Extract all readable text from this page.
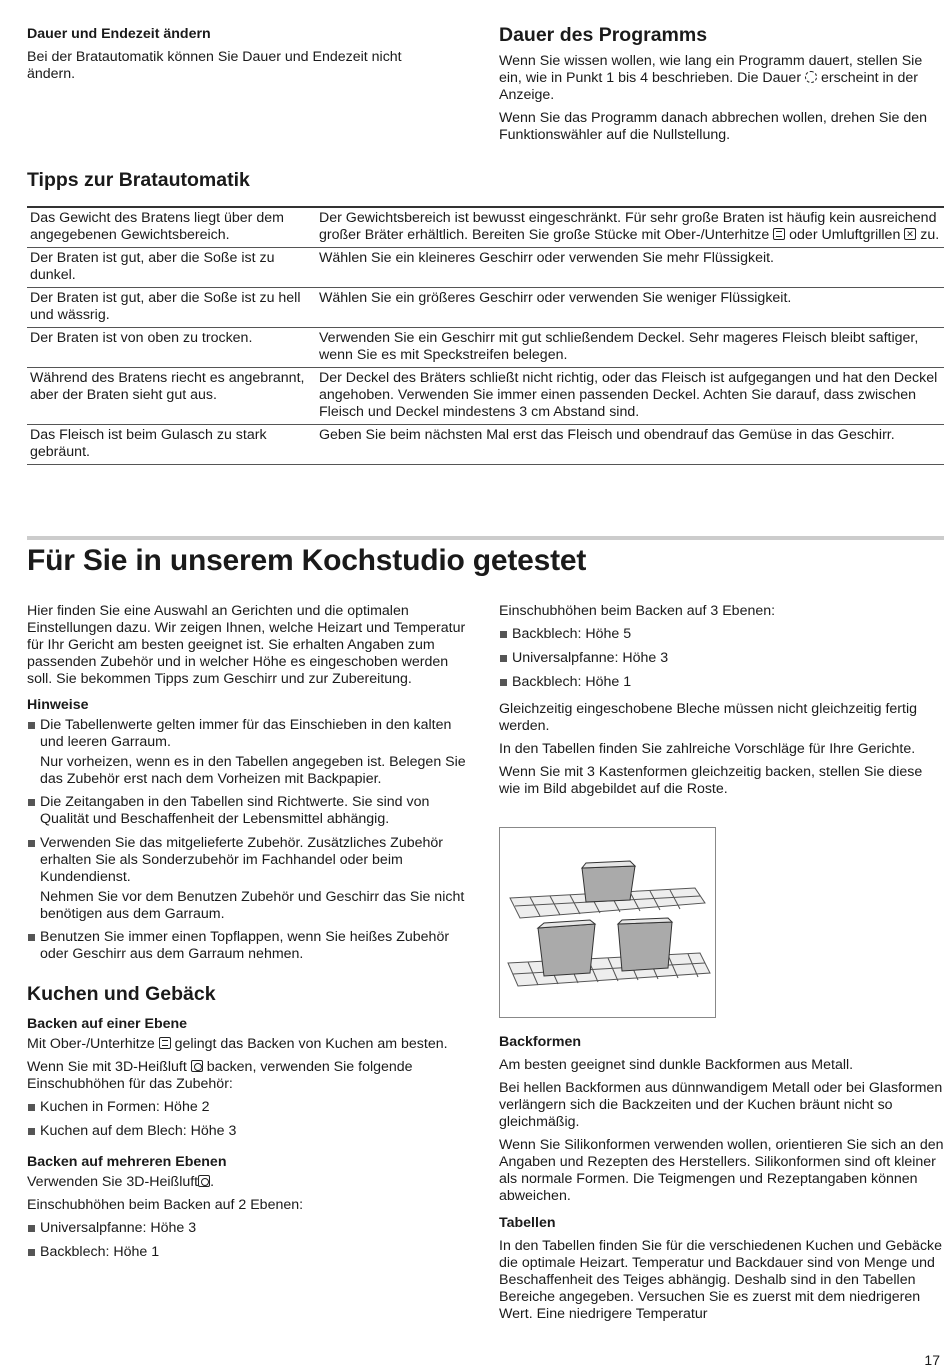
Dauer und Endezeit ändern

Bei der Bratautomatik können Sie Dauer und Endezeit nicht ändern.

Dauer des Programms

Wenn Sie wissen wollen, wie lang ein Programm dauert, stellen Sie ein, wie in Punkt 1 bis 4 beschrieben. Die Dauer erscheint in der Anzeige.

Wenn Sie das Programm danach abbrechen wollen, drehen Sie den Funktionswähler auf die Nullstellung.

Tipps zur Bratautomatik
Das Gewicht des Bratens liegt über dem angegebenen Gewichtsbereich.	Der Gewichtsbereich ist bewusst eingeschränkt. Für sehr große Braten ist häufig kein ausreichend großer Bräter erhältlich. Bereiten Sie große Stücke mit Ober-/Unterhitze oder Umluftgrillen ✕ zu.
Der Braten ist gut, aber die Soße ist zu dunkel.	Wählen Sie ein kleineres Geschirr oder verwenden Sie mehr Flüssigkeit.
Der Braten ist gut, aber die Soße ist zu hell und wässrig.	Wählen Sie ein größeres Geschirr oder verwenden Sie weniger Flüssigkeit.
Der Braten ist von oben zu trocken.	Verwenden Sie ein Geschirr mit gut schließendem Deckel. Sehr mageres Fleisch bleibt saftiger, wenn Sie es mit Speckstreifen belegen.
Während des Bratens riecht es angebrannt, aber der Braten sieht gut aus.	Der Deckel des Bräters schließt nicht richtig, oder das Fleisch ist aufgegangen und hat den Deckel angehoben. Verwenden Sie immer einen passenden Deckel. Achten Sie darauf, dass zwischen Fleisch und Deckel mindestens 3 cm Abstand sind.
Das Fleisch ist beim Gulasch zu stark gebräunt.	Geben Sie beim nächsten Mal erst das Fleisch und obendrauf das Gemüse in das Geschirr.
Für Sie in unserem Kochstudio getestet

Hier finden Sie eine Auswahl an Gerichten und die optimalen Einstellungen dazu. Wir zeigen Ihnen, welche Heizart und Temperatur für Ihr Gericht am besten geeignet ist. Sie erhalten Angaben zum passenden Zubehör und in welcher Höhe es eingeschoben werden soll. Sie bekommen Tipps zum Geschirr und zur Zubereitung.

Hinweise
Die Tabellenwerte gelten immer für das Einschieben in den kalten und leeren Garraum.
Nur vorheizen, wenn es in den Tabellen angegeben ist. Belegen Sie das Zubehör erst nach dem Vorheizen mit Backpapier.
Die Zeitangaben in den Tabellen sind Richtwerte. Sie sind von Qualität und Beschaffenheit der Lebensmittel abhängig.
Verwenden Sie das mitgelieferte Zubehör. Zusätzliches Zubehör erhalten Sie als Sonderzubehör im Fachhandel oder beim Kundendienst.
Nehmen Sie vor dem Benutzen Zubehör und Geschirr das Sie nicht benötigen aus dem Garraum.
Benutzen Sie immer einen Topflappen, wenn Sie heißes Zubehör oder Geschirr aus dem Garraum nehmen.
Kuchen und Gebäck
Backen auf einer Ebene

Mit Ober-/Unterhitze gelingt das Backen von Kuchen am besten.

Wenn Sie mit 3D-Heißluft backen, verwenden Sie folgende Einschubhöhen für das Zubehör:

Kuchen in Formen: Höhe 2
Kuchen auf dem Blech: Höhe 3
Backen auf mehreren Ebenen

Verwenden Sie 3D-Heißluft .

Einschubhöhen beim Backen auf 2 Ebenen:

Universalpfanne: Höhe 3
Backblech: Höhe 1

Einschubhöhen beim Backen auf 3 Ebenen:

Backblech: Höhe 5
Universalpfanne: Höhe 3
Backblech: Höhe 1

Gleichzeitig eingeschobene Bleche müssen nicht gleichzeitig fertig werden.

In den Tabellen finden Sie zahlreiche Vorschläge für Ihre Gerichte.

Wenn Sie mit 3 Kastenformen gleichzeitig backen, stellen Sie diese wie im Bild abgebildet auf die Roste.

Backformen

Am besten geeignet sind dunkle Backformen aus Metall.

Bei hellen Backformen aus dünnwandigem Metall oder bei Glasformen verlängern sich die Backzeiten und der Kuchen bräunt nicht so gleichmäßig.

Wenn Sie Silikonformen verwenden wollen, orientieren Sie sich an den Angaben und Rezepten des Herstellers. Silikonformen sind oft kleiner als normale Formen. Die Teigmengen und Rezeptangaben können abweichen.

Tabellen

In den Tabellen finden Sie für die verschiedenen Kuchen und Gebäcke die optimale Heizart. Temperatur und Backdauer sind von Menge und Beschaffenheit des Teiges abhängig. Deshalb sind in den Tabellen Bereiche angegeben. Versuchen Sie es zuerst mit dem niedrigeren Wert. Eine niedrigere Temperatur

17
